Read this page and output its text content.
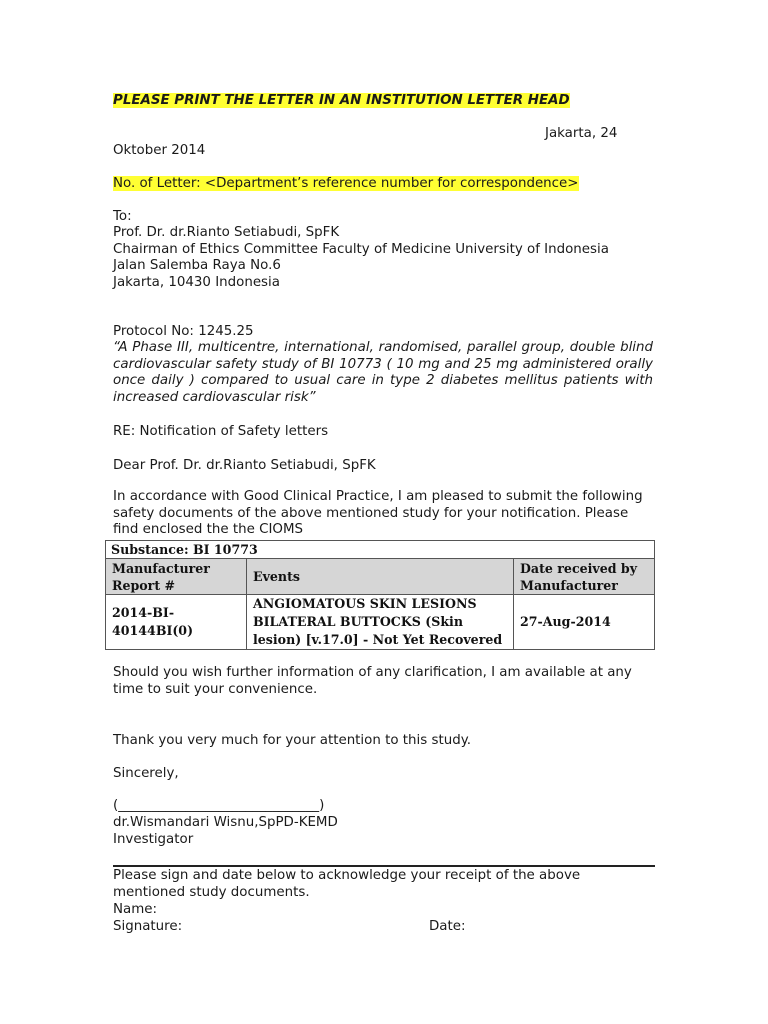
PLEASE PRINT THE LETTER IN AN INSTITUTION LETTER HEAD
Jakarta, 24
Oktober 2014
No. of Letter: <Department’s reference number for correspondence>
To:
Prof. Dr. dr.Rianto Setiabudi, SpFK
Chairman of Ethics Committee Faculty of Medicine University of Indonesia
Jalan Salemba Raya No.6
Jakarta, 10430 Indonesia
Protocol No: 1245.25
“A Phase III, multicentre, international, randomised, parallel group, double blind cardiovascular safety study of BI 10773 ( 10 mg and 25 mg administered orally once daily ) compared to usual care in type 2 diabetes mellitus patients with increased cardiovascular risk”
RE: Notification of Safety letters
Dear Prof. Dr. dr.Rianto Setiabudi, SpFK
In accordance with Good Clinical Practice, I am pleased to submit the following safety documents of the above mentioned study for your notification. Please find enclosed the the CIOMS
Substance: BI 10773		
Manufacturer Report #	Events	Date received by Manufacturer
2014-BI-40144BI(0)	ANGIOMATOUS SKIN LESIONS BILATERAL BUTTOCKS (Skin lesion) [v.17.0] - Not Yet Recovered	27-Aug-2014
Should you wish further information of any clarification, I am available at any time to suit your convenience.
Thank you very much for your attention to this study.
Sincerely,
(______________________________)
dr.Wismandari Wisnu,SpPD-KEMD
Investigator
Please sign and date below to acknowledge your receipt of the above mentioned study documents.
Name:
Signature:	Date:
